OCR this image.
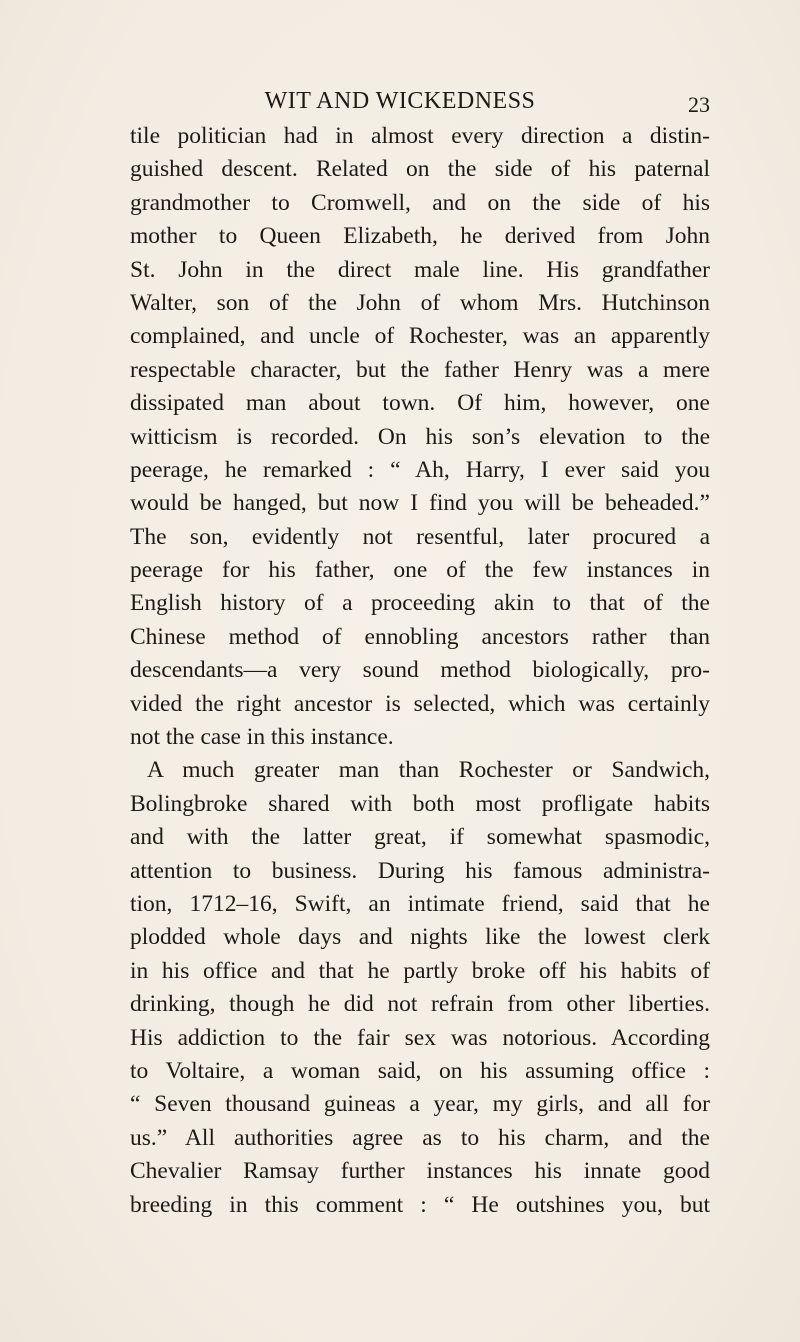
WIT AND WICKEDNESS	23
tile politician had in almost every direction a distin-
guished descent. Related on the side of his paternal
grandmother to Cromwell, and on the side of his
mother to Queen Elizabeth, he derived from John
St. John in the direct male line. His grandfather
Walter, son of the John of whom Mrs. Hutchinson
complained, and uncle of Rochester, was an apparently
respectable character, but the father Henry was a mere
dissipated man about town. Of him, however, one
witticism is recorded. On his son’s elevation to the
peerage, he remarked : “ Ah, Harry, I ever said you
would be hanged, but now I find you will be beheaded.”
The son, evidently not resentful, later procured a
peerage for his father, one of the few instances in
English history of a proceeding akin to that of the
Chinese method of ennobling ancestors rather than
descendants—a very sound method biologically, pro-
vided the right ancestor is selected, which was certainly
not the case in this instance.
A much greater man than Rochester or Sandwich,
Bolingbroke shared with both most profligate habits
and with the latter great, if somewhat spasmodic,
attention to business. During his famous administra-
tion, 1712–16, Swift, an intimate friend, said that he
plodded whole days and nights like the lowest clerk
in his office and that he partly broke off his habits of
drinking, though he did not refrain from other liberties.
His addiction to the fair sex was notorious. According
to Voltaire, a woman said, on his assuming office :
“ Seven thousand guineas a year, my girls, and all for
us.” All authorities agree as to his charm, and the
Chevalier Ramsay further instances his innate good
breeding in this comment : “ He outshines you, but
